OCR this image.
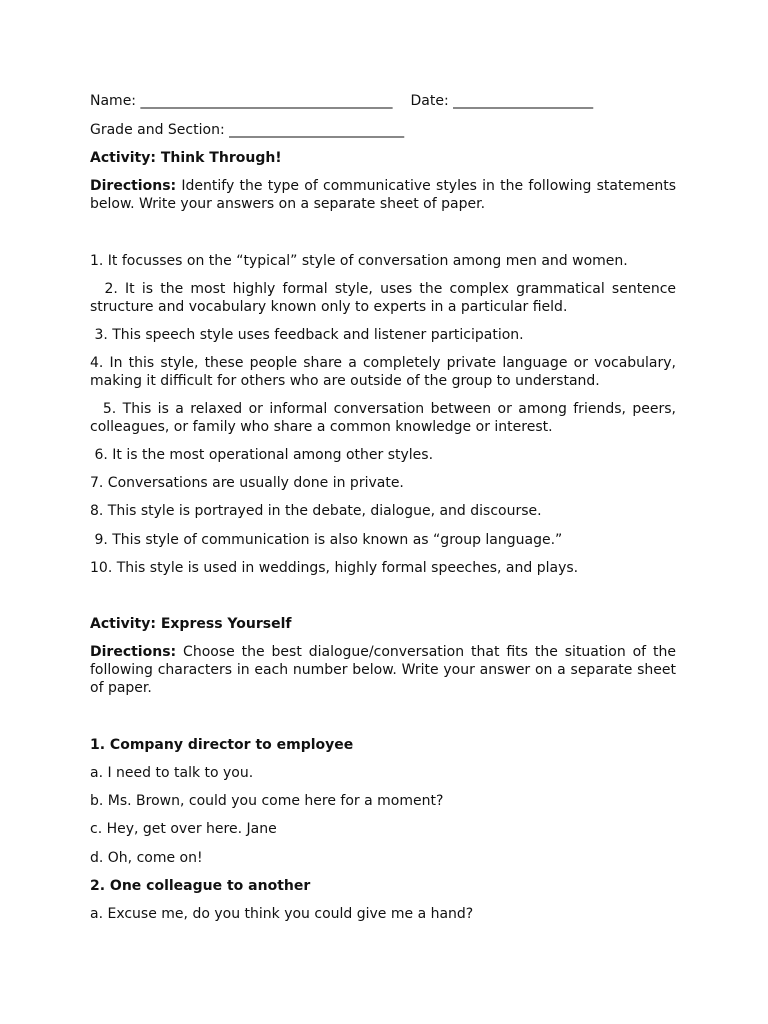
Name: ____________________________________ Date: ____________________
Grade and Section: _________________________
Activity: Think Through!
Directions: Identify the type of communicative styles in the following statements below. Write your answers on a separate sheet of paper.
1. It focusses on the “typical” style of conversation among men and women.
2. It is the most highly formal style, uses the complex grammatical sentence structure and vocabulary known only to experts in a particular field.
3. This speech style uses feedback and listener participation.
4. In this style, these people share a completely private language or vocabulary, making it difficult for others who are outside of the group to understand.
5. This is a relaxed or informal conversation between or among friends, peers, colleagues, or family who share a common knowledge or interest.
6. It is the most operational among other styles.
7. Conversations are usually done in private.
8. This style is portrayed in the debate, dialogue, and discourse.
9. This style of communication is also known as “group language.”
10. This style is used in weddings, highly formal speeches, and plays.
Activity: Express Yourself
Directions: Choose the best dialogue/conversation that fits the situation of the following characters in each number below. Write your answer on a separate sheet of paper.
1. Company director to employee
a. I need to talk to you.
b. Ms. Brown, could you come here for a moment?
c. Hey, get over here. Jane
d. Oh, come on!
2. One colleague to another
a. Excuse me, do you think you could give me a hand?
